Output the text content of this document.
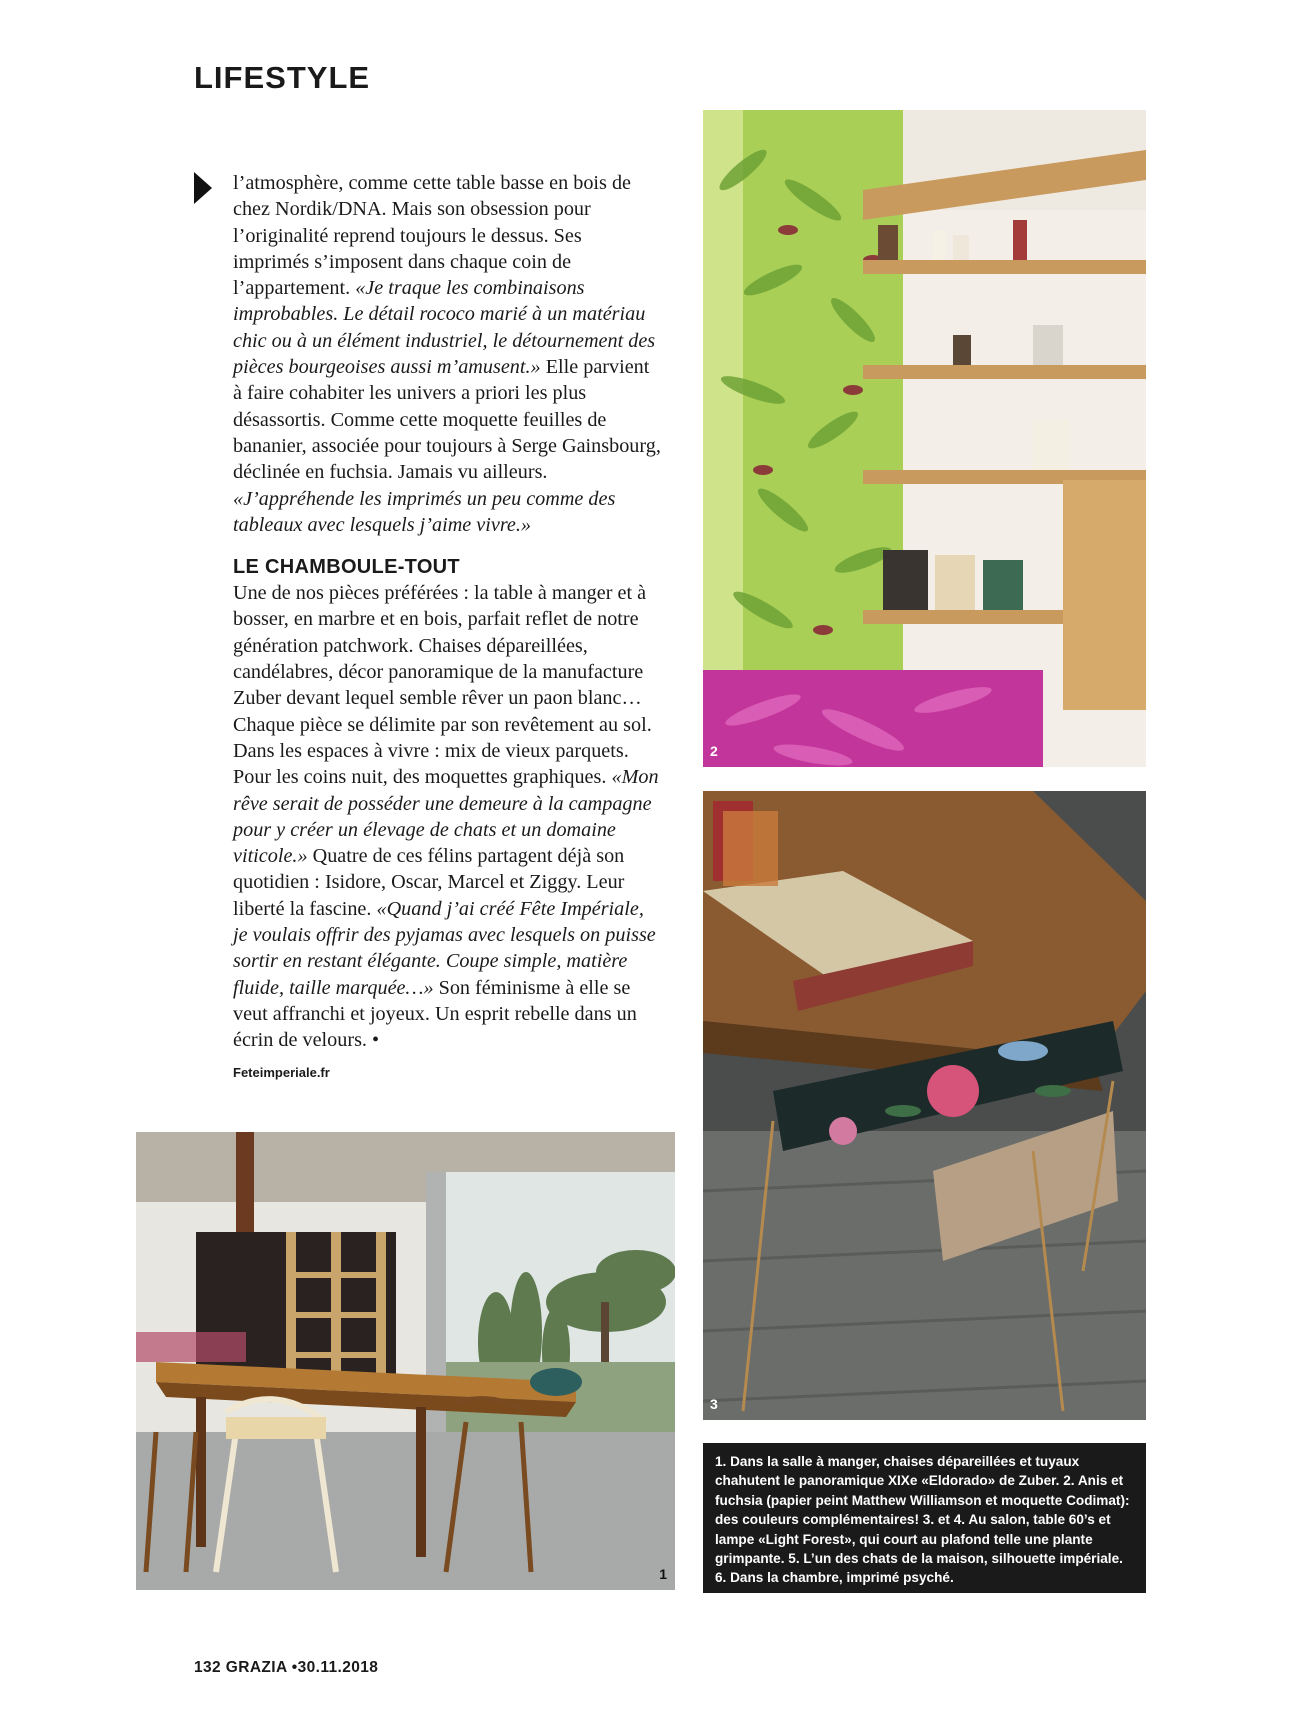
LIFESTYLE

l’atmosphère, comme cette table basse en bois de chez Nordik/DNA. Mais son obsession pour l’originalité reprend toujours le dessus. Ses imprimés s’imposent dans chaque coin de l’appartement. «Je traque les combinaisons improbables. Le détail rococo marié à un matériau chic ou à un élément industriel, le détournement des pièces bourgeoises aussi m’amusent.» Elle parvient à faire cohabiter les univers a priori les plus désassortis. Comme cette moquette feuilles de bananier, associée pour toujours à Serge Gainsbourg, déclinée en fuchsia. Jamais vu ailleurs. «J’appréhende les imprimés un peu comme des tableaux avec lesquels j’aime vivre.»

LE CHAMBOULE-TOUT

Une de nos pièces préférées : la table à manger et à bosser, en marbre et en bois, parfait reflet de notre génération patchwork. Chaises dépareillées, candélabres, décor panoramique de la manufacture Zuber devant lequel semble rêver un paon blanc… Chaque pièce se délimite par son revêtement au sol. Dans les espaces à vivre : mix de vieux parquets. Pour les coins nuit, des moquettes graphiques. «Mon rêve serait de posséder une demeure à la campagne pour y créer un élevage de chats et un domaine viticole.» Quatre de ces félins partagent déjà son quotidien : Isidore, Oscar, Marcel et Ziggy. Leur liberté la fascine. «Quand j’ai créé Fête Impériale, je voulais offrir des pyjamas avec lesquels on puisse sortir en restant élégante. Coupe simple, matière fluide, taille marquée…» Son féminisme à elle se veut affranchi et joyeux. Un esprit rebelle dans un écrin de velours. •

Feteimperiale.fr
2
3
1
1. Dans la salle à manger, chaises dépareillées et tuyaux chahutent le panoramique XIXe «Eldorado» de Zuber. 2. Anis et fuchsia (papier peint Matthew Williamson et moquette Codimat): des couleurs complémentaires! 3. et 4. Au salon, table 60’s et lampe «Light Forest», qui court au plafond telle une plante grimpante. 5. L’un des chats de la maison, silhouette impériale. 6. Dans la chambre, imprimé psyché.
132 GRAZIA •30.11.2018
